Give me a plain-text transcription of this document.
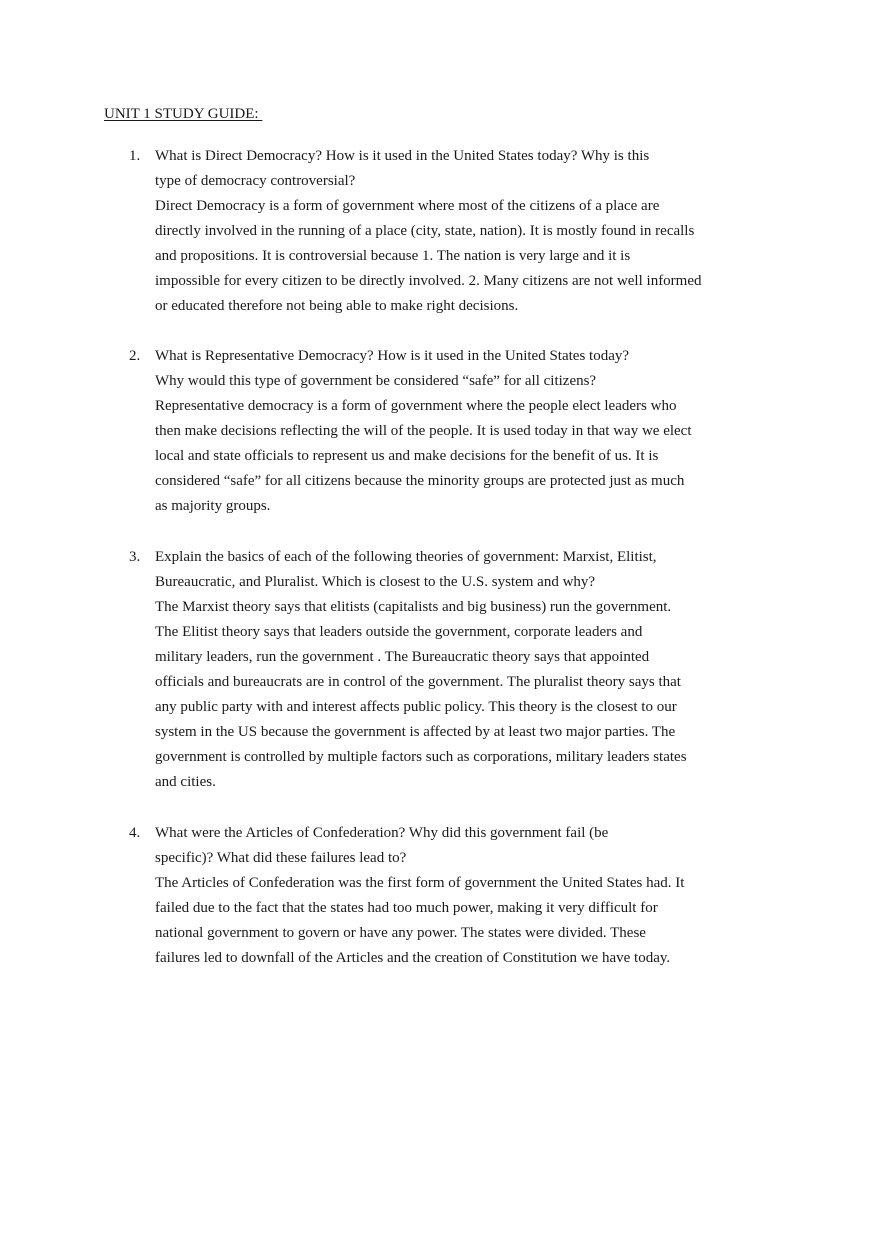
UNIT 1 STUDY GUIDE:
1. What is Direct Democracy? How is it used in the United States today? Why is this
type of democracy controversial?
Direct Democracy is a form of government where most of the citizens of a place are
directly involved in the running of a place (city, state, nation). It is mostly found in recalls
and propositions. It is controversial because 1. The nation is very large and it is
impossible for every citizen to be directly involved. 2. Many citizens are not well informed
or educated therefore not being able to make right decisions.
2. What is Representative Democracy? How is it used in the United States today?
Why would this type of government be considered “safe” for all citizens?
Representative democracy is a form of government where the people elect leaders who
then make decisions reflecting the will of the people. It is used today in that way we elect
local and state officials to represent us and make decisions for the benefit of us. It is
considered “safe” for all citizens because the minority groups are protected just as much
as majority groups.
3. Explain the basics of each of the following theories of government: Marxist, Elitist,
Bureaucratic, and Pluralist. Which is closest to the U.S. system and why?
The Marxist theory says that elitists (capitalists and big business) run the government.
The Elitist theory says that leaders outside the government, corporate leaders and
military leaders, run the government . The Bureaucratic theory says that appointed
officials and bureaucrats are in control of the government. The pluralist theory says that
any public party with and interest affects public policy. This theory is the closest to our
system in the US because the government is affected by at least two major parties. The
government is controlled by multiple factors such as corporations, military leaders states
and cities.
4. What were the Articles of Confederation? Why did this government fail (be
specific)? What did these failures lead to?
The Articles of Confederation was the first form of government the United States had. It
failed due to the fact that the states had too much power, making it very difficult for
national government to govern or have any power. The states were divided. These
failures led to downfall of the Articles and the creation of Constitution we have today.
